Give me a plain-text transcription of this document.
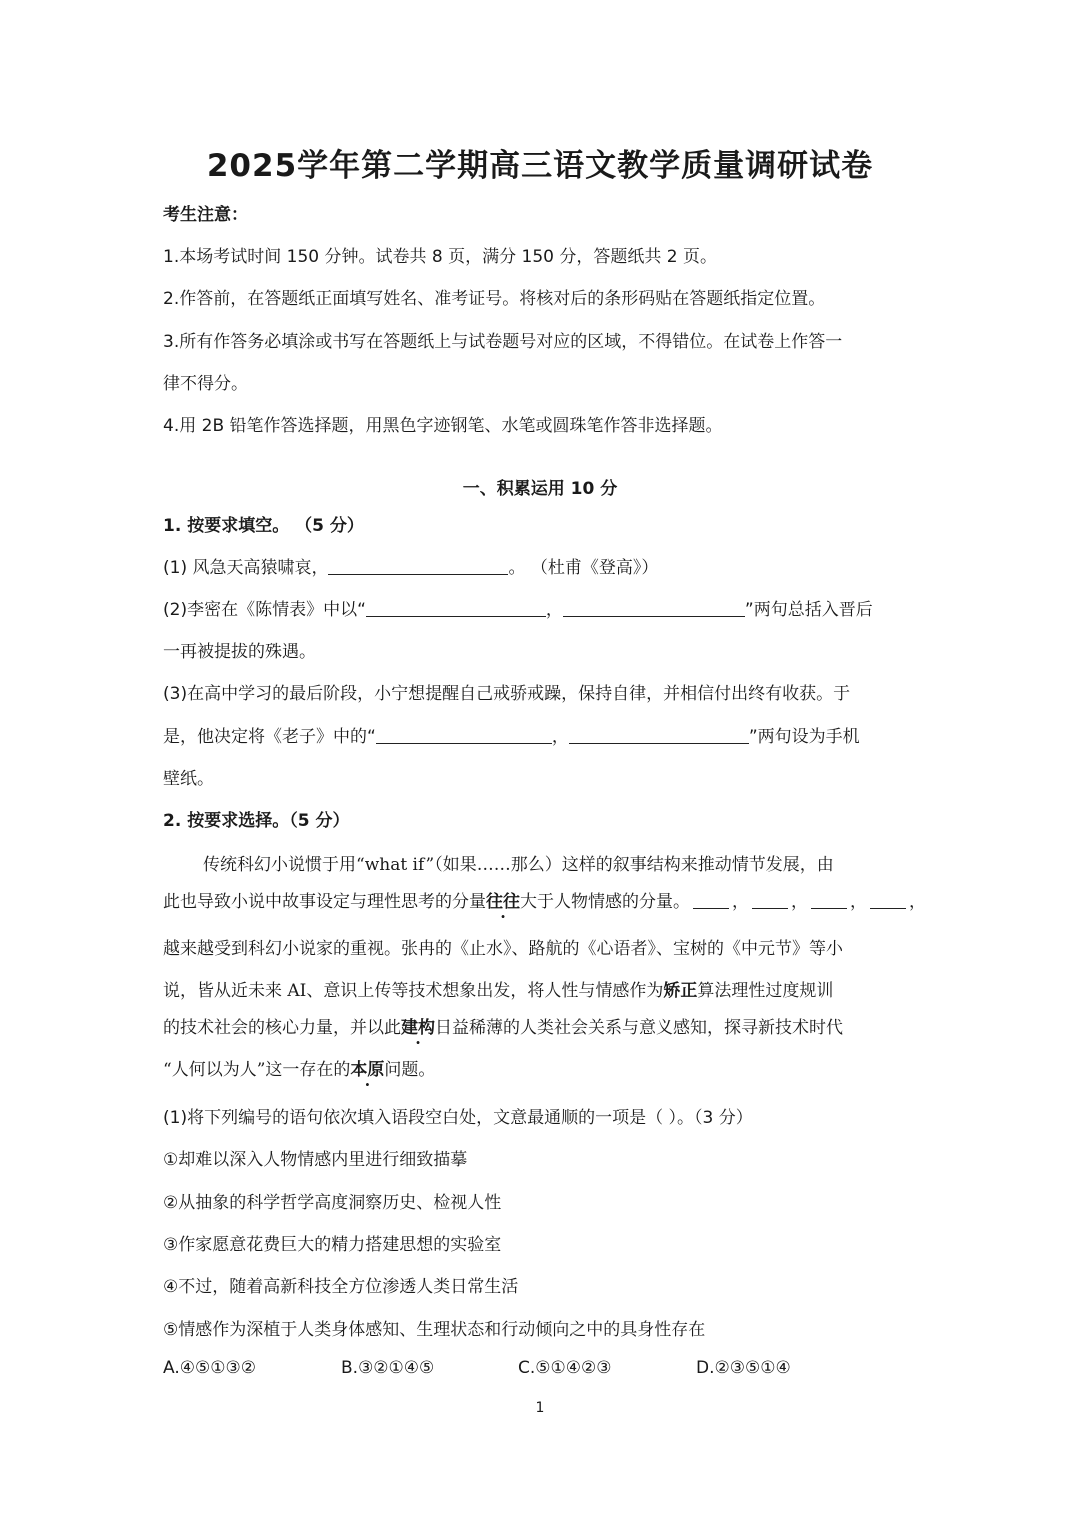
2025学年第二学期高三语文教学质量调研试卷
考生注意：
1.本场考试时间 150 分钟。试卷共 8 页，满分 150 分，答题纸共 2 页。
2.作答前，在答题纸正面填写姓名、准考证号。将核对后的条形码贴在答题纸指定位置。
3.所有作答务必填涂或书写在答题纸上与试卷题号对应的区域，不得错位。在试卷上作答一
律不得分。
4.用 2B 铅笔作答选择题，用黑色字迹钢笔、水笔或圆珠笔作答非选择题。
一、积累运用 10 分
1. 按要求填空。 （5 分）
(1) 风急天高猿啸哀，	。 （杜甫《登高》）
(2)李密在《陈情表》中以“	，	”两句总括入晋后
一再被提拔的殊遇。
(3)在高中学习的最后阶段，小宁想提醒自己戒骄戒躁，保持自律，并相信付出终有收获。于
是，他决定将《老子》中的“	，	”两句设为手机
壁纸。
2. 按要求选择。（5 分）
传统科幻小说惯于用“what if”（如果……那么）这样的叙事结构来推动情节发展，由
此也导致小说中故事设定与理性思考的分量往往大于人物情感的分量。 ， ， ， ，
越来越受到科幻小说家的重视。张冉的《止水》、路航的《心语者》、宝树的《中元节》等小
说，皆从近未来 AI、意识上传等技术想象出发，将人性与情感作为矫正算法理性过度规训
的技术社会的核心力量，并以此建构日益稀薄的人类社会关系与意义感知，探寻新技术时代
“人何以为人”这一存在的本原问题。
(1)将下列编号的语句依次填入语段空白处，文意最通顺的一项是（ ）。（3 分）
①却难以深入人物情感内里进行细致描摹
②从抽象的科学哲学高度洞察历史、检视人性
③作家愿意花费巨大的精力搭建思想的实验室
④不过，随着高新科技全方位渗透人类日常生活
⑤情感作为深植于人类身体感知、生理状态和行动倾向之中的具身性存在
A.④⑤①③②	B.③②①④⑤	C.⑤①④②③	D.②③⑤①④
1
